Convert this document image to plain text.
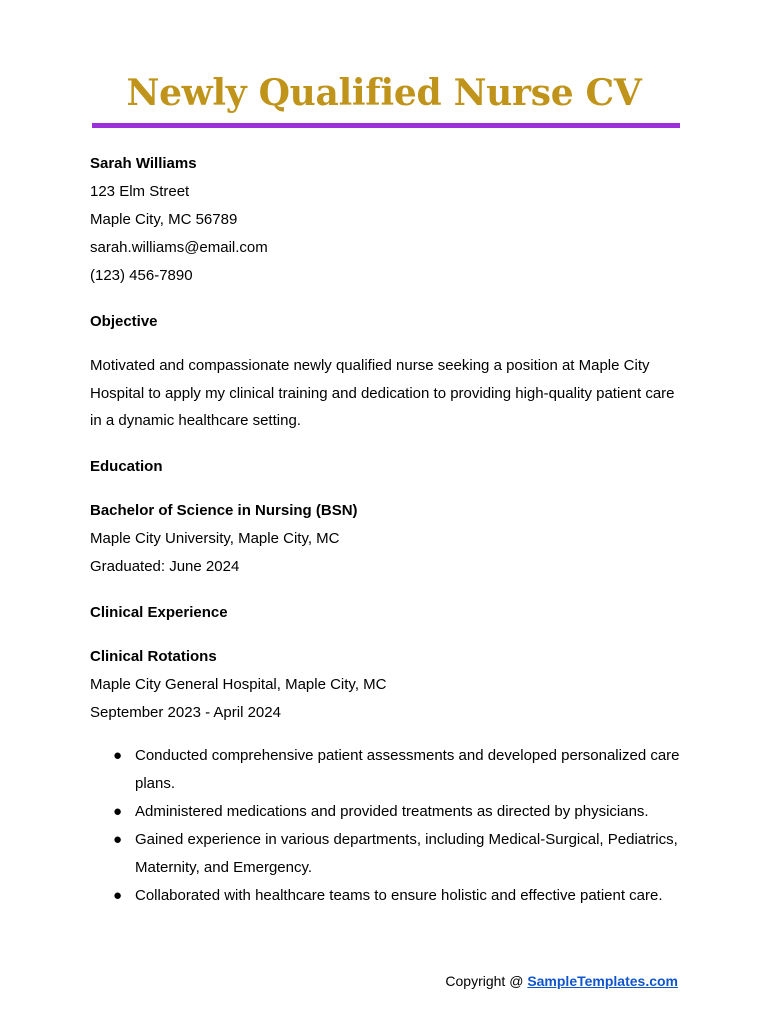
Newly Qualified Nurse CV
Sarah Williams
123 Elm Street
Maple City, MC 56789
sarah.williams@email.com
(123) 456-7890
Objective
Motivated and compassionate newly qualified nurse seeking a position at Maple City
Hospital to apply my clinical training and dedication to providing high-quality patient care
in a dynamic healthcare setting.
Education
Bachelor of Science in Nursing (BSN)
Maple City University, Maple City, MC
Graduated: June 2024
Clinical Experience
Clinical Rotations
Maple City General Hospital, Maple City, MC
September 2023 - April 2024
● Conducted comprehensive patient assessments and developed personalized care plans.
● Administered medications and provided treatments as directed by physicians.
● Gained experience in various departments, including Medical-Surgical, Pediatrics, Maternity, and Emergency.
● Collaborated with healthcare teams to ensure holistic and effective patient care.
Copyright @ SampleTemplates.com
